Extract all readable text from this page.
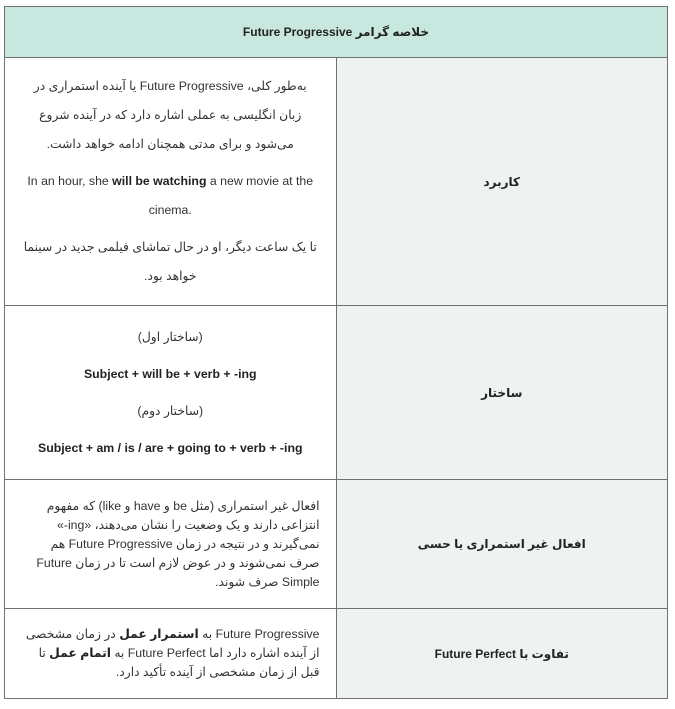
خلاصه گرامر Future Progressive	
کاربرد	به‌طور کلی، Future Progressive یا آینده استمراری در زبان انگلیسی به عملی اشاره دارد که در آینده شروع می‌شود و برای مدتی همچنان ادامه خواهد داشت.

In an hour, she will be watching a new movie at the cinema.

تا یک ساعت دیگر، او در حال تماشای فیلمی جدید در سینما خواهد بود.

ساختار	(ساختار اول)

Subject + will be + verb + -ing

(ساختار دوم)

Subject + am / is / are + going to + verb + -ing

افعال غیر استمراری یا حسی	افعال غیر استمراری (مثل be و have و like) که مفهوم انتزاعی دارند و یک وضعیت را نشان می‌دهند، «ing-» نمی‌گیرند و در نتیجه در زمان Future Progressive هم صرف نمی‌شوند و در عوض لازم است تا در زمان Future Simple صرف شوند.

تفاوت با Future Perfect	Future Progressive به استمرار عمل در زمان مشخصی از آینده اشاره دارد اما Future Perfect به اتمام عمل تا قبل از زمان مشخصی از آینده تأکید دارد.
